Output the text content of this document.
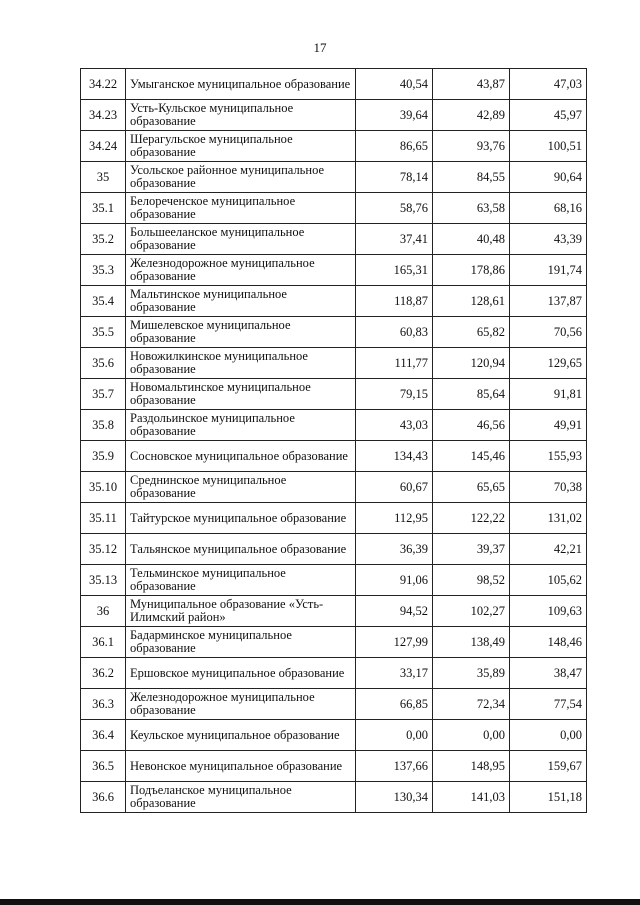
17
34.22	Умыганское муниципальное образование	40,54	43,87	47,03
34.23	Усть-Кульское муниципальное образование	39,64	42,89	45,97
34.24	Шерагульское муниципальное образование	86,65	93,76	100,51
35	Усольское районное муниципальное образование	78,14	84,55	90,64
35.1	Белореченское муниципальное образование	58,76	63,58	68,16
35.2	Большееланское муниципальное образование	37,41	40,48	43,39
35.3	Железнодорожное муниципальное образование	165,31	178,86	191,74
35.4	Мальтинское муниципальное образование	118,87	128,61	137,87
35.5	Мишелевское муниципальное образование	60,83	65,82	70,56
35.6	Новожилкинское муниципальное образование	111,77	120,94	129,65
35.7	Новомальтинское муниципальное образование	79,15	85,64	91,81
35.8	Раздольинское муниципальное образование	43,03	46,56	49,91
35.9	Сосновское муниципальное образование	134,43	145,46	155,93
35.10	Среднинское муниципальное образование	60,67	65,65	70,38
35.11	Тайтурское муниципальное образование	112,95	122,22	131,02
35.12	Тальянское муниципальное образование	36,39	39,37	42,21
35.13	Тельминское муниципальное образование	91,06	98,52	105,62
36	Муниципальное образование «Усть-Илимский район»	94,52	102,27	109,63
36.1	Бадарминское муниципальное образование	127,99	138,49	148,46
36.2	Ершовское муниципальное образование	33,17	35,89	38,47
36.3	Железнодорожное муниципальное образование	66,85	72,34	77,54
36.4	Кеульское муниципальное образование	0,00	0,00	0,00
36.5	Невонское муниципальное образование	137,66	148,95	159,67
36.6	Подъеланское муниципальное образование	130,34	141,03	151,18
